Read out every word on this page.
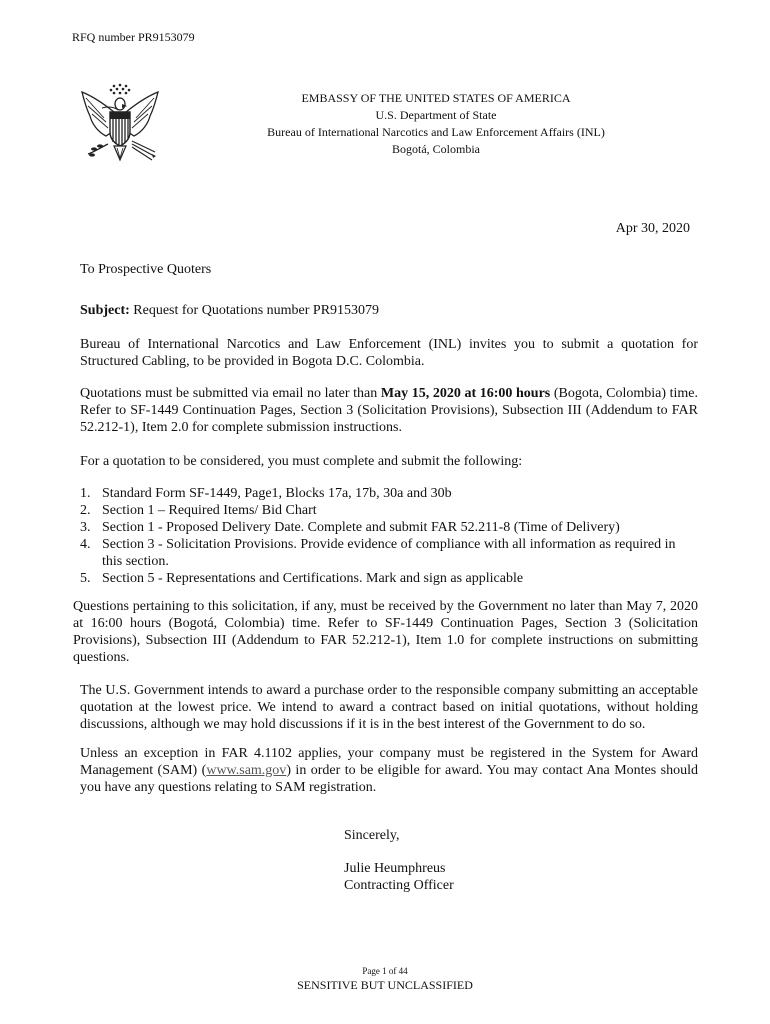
RFQ number PR9153079
EMBASSY OF THE UNITED STATES OF AMERICA
U.S. Department of State
Bureau of International Narcotics and Law Enforcement Affairs (INL)
Bogotá, Colombia
Apr 30, 2020
To Prospective Quoters
Subject: Request for Quotations number PR9153079
Bureau of International Narcotics and Law Enforcement (INL) invites you to submit a quotation for Structured Cabling, to be provided in Bogota D.C. Colombia.
Quotations must be submitted via email no later than May 15, 2020 at 16:00 hours (Bogota, Colombia) time. Refer to SF-1449 Continuation Pages, Section 3 (Solicitation Provisions), Subsection III (Addendum to FAR 52.212-1), Item 2.0 for complete submission instructions.
For a quotation to be considered, you must complete and submit the following:
1. Standard Form SF-1449, Page1, Blocks 17a, 17b, 30a and 30b
2. Section 1 – Required Items/ Bid Chart
3. Section 1 - Proposed Delivery Date. Complete and submit FAR 52.211-8 (Time of Delivery)
4. Section 3 - Solicitation Provisions. Provide evidence of compliance with all information as required in this section.
5. Section 5 - Representations and Certifications. Mark and sign as applicable
Questions pertaining to this solicitation, if any, must be received by the Government no later than May 7, 2020 at 16:00 hours (Bogotá, Colombia) time. Refer to SF-1449 Continuation Pages, Section 3 (Solicitation Provisions), Subsection III (Addendum to FAR 52.212-1), Item 1.0 for complete instructions on submitting questions.
The U.S. Government intends to award a purchase order to the responsible company submitting an acceptable quotation at the lowest price. We intend to award a contract based on initial quotations, without holding discussions, although we may hold discussions if it is in the best interest of the Government to do so.
Unless an exception in FAR 4.1102 applies, your company must be registered in the System for Award Management (SAM) (www.sam.gov) in order to be eligible for award. You may contact Ana Montes should you have any questions relating to SAM registration.
Sincerely,
Julie Heumphreus
Contracting Officer
Page 1 of 44
SENSITIVE BUT UNCLASSIFIED
